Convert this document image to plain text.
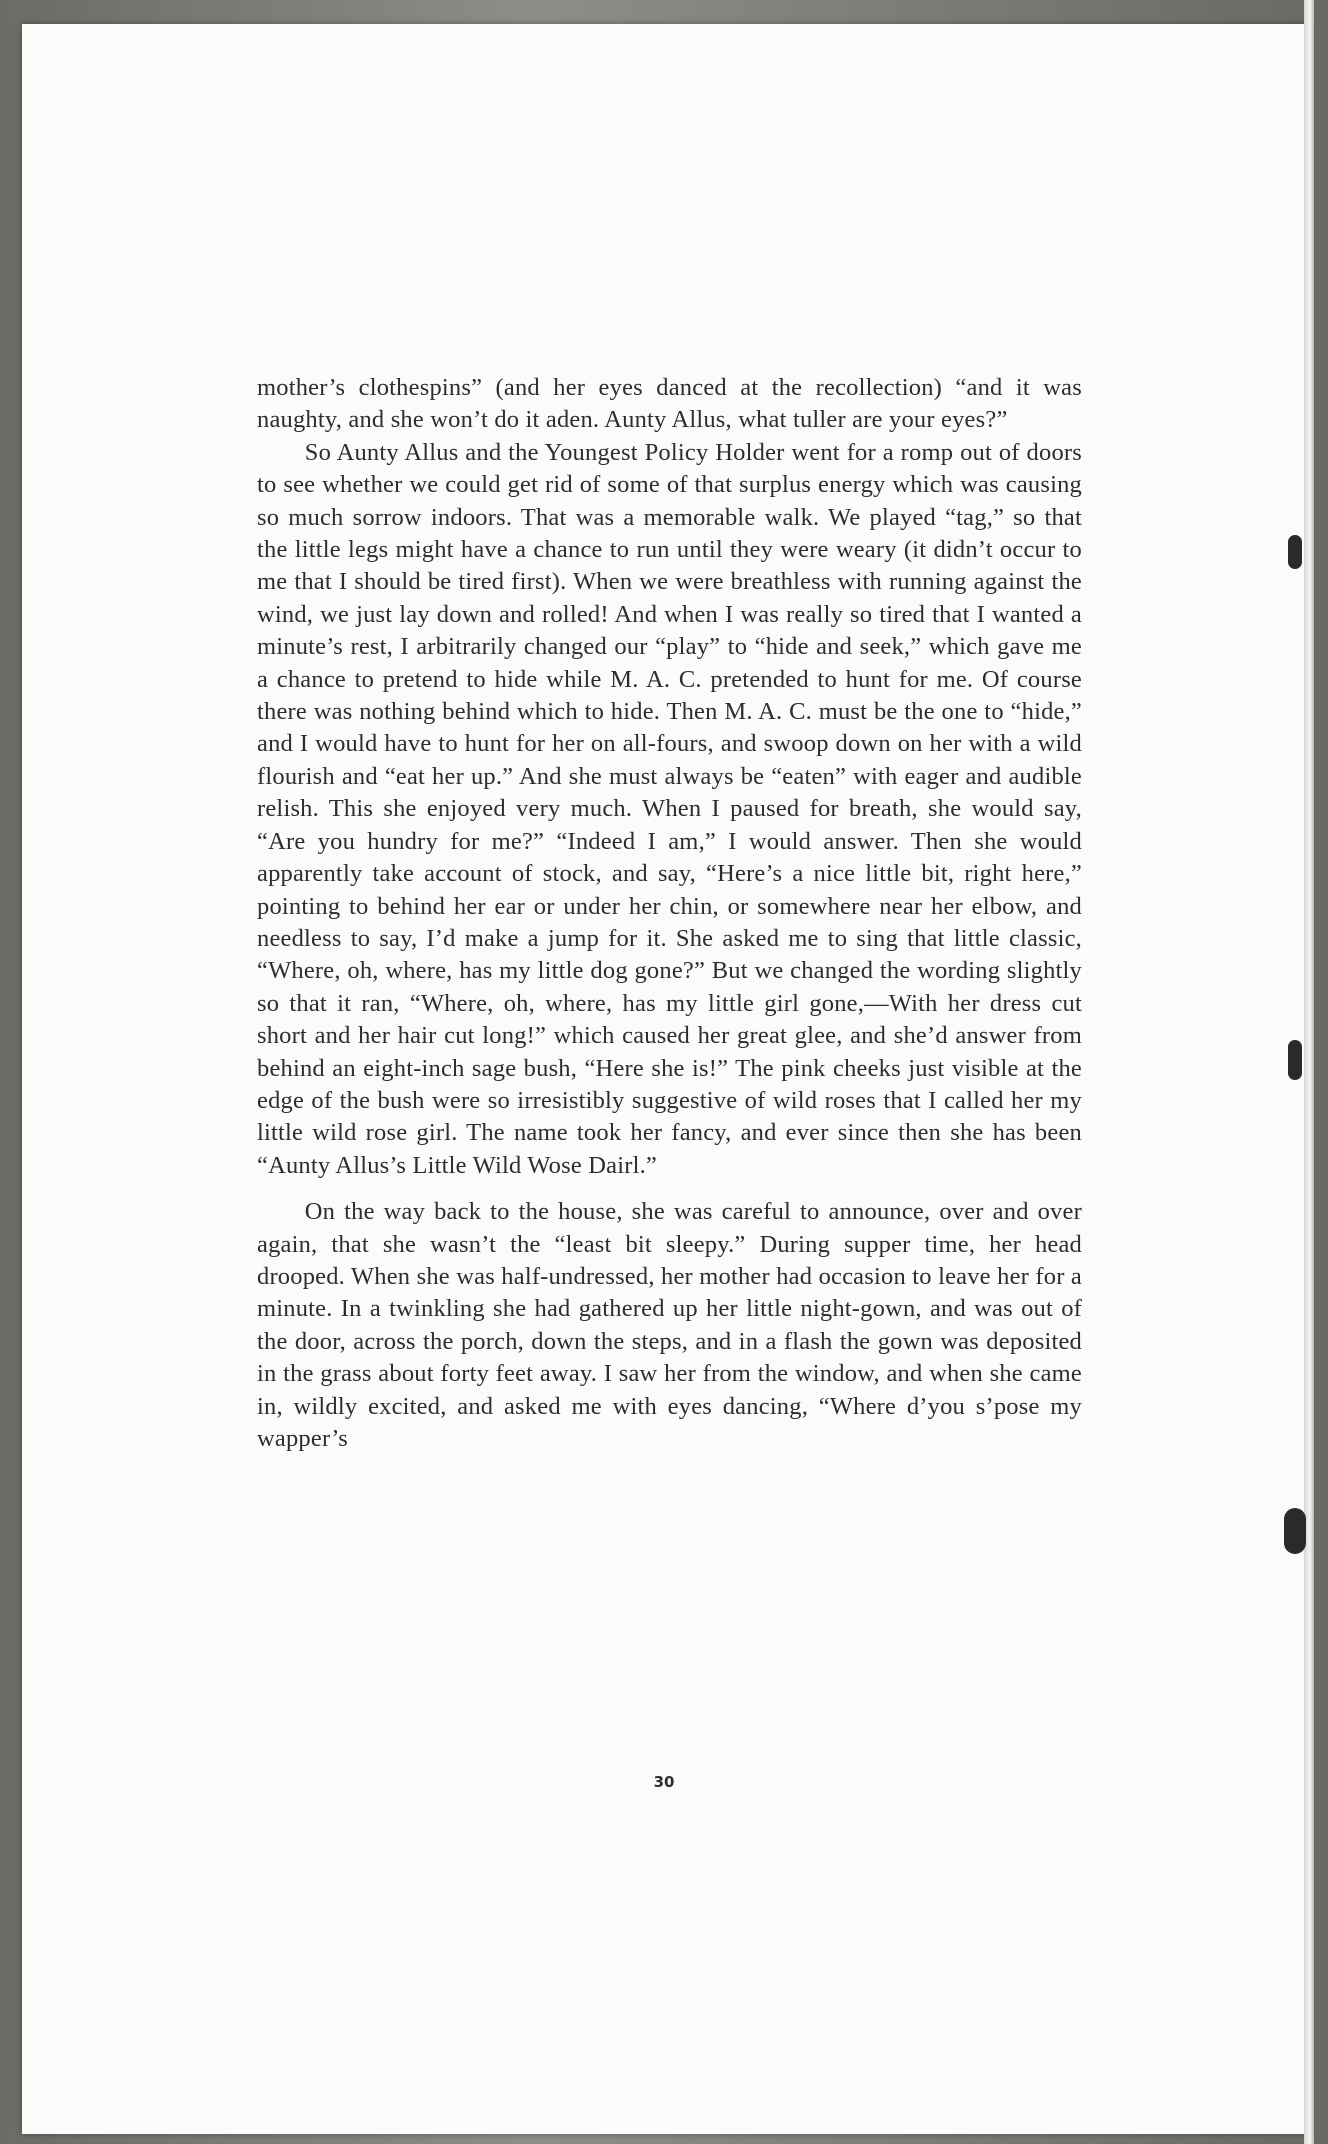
mother’s clothespins” (and her eyes danced at the recollection) “and it was naughty, and she won’t do it aden. Aunty Allus, what tuller are your eyes?”

So Aunty Allus and the Youngest Policy Holder went for a romp out of doors to see whether we could get rid of some of that surplus energy which was causing so much sorrow indoors. That was a memorable walk. We played “tag,” so that the little legs might have a chance to run until they were weary (it didn’t occur to me that I should be tired first). When we were breathless with running against the wind, we just lay down and rolled! And when I was really so tired that I wanted a minute’s rest, I arbitrarily changed our “play” to “hide and seek,” which gave me a chance to pretend to hide while M. A. C. pretended to hunt for me. Of course there was nothing behind which to hide. Then M. A. C. must be the one to “hide,” and I would have to hunt for her on all-fours, and swoop down on her with a wild flourish and “eat her up.” And she must always be “eaten” with eager and audible relish. This she enjoyed very much. When I paused for breath, she would say, “Are you hundry for me?” “Indeed I am,” I would answer. Then she would apparently take account of stock, and say, “Here’s a nice little bit, right here,” pointing to behind her ear or under her chin, or somewhere near her elbow, and needless to say, I’d make a jump for it. She asked me to sing that little classic, “Where, oh, where, has my little dog gone?” But we changed the wording slightly so that it ran, “Where, oh, where, has my little girl gone,—With her dress cut short and her hair cut long!” which caused her great glee, and she’d answer from behind an eight-inch sage bush, “Here she is!” The pink cheeks just visible at the edge of the bush were so irresistibly suggestive of wild roses that I called her my little wild rose girl. The name took her fancy, and ever since then she has been “Aunty Allus’s Little Wild Wose Dairl.”

On the way back to the house, she was careful to announce, over and over again, that she wasn’t the “least bit sleepy.” During supper time, her head drooped. When she was half-undressed, her mother had occasion to leave her for a minute. In a twinkling she had gathered up her little night-gown, and was out of the door, across the porch, down the steps, and in a flash the gown was deposited in the grass about forty feet away. I saw her from the window, and when she came in, wildly excited, and asked me with eyes dancing, “Where d’you s’pose my wapper’s

30
